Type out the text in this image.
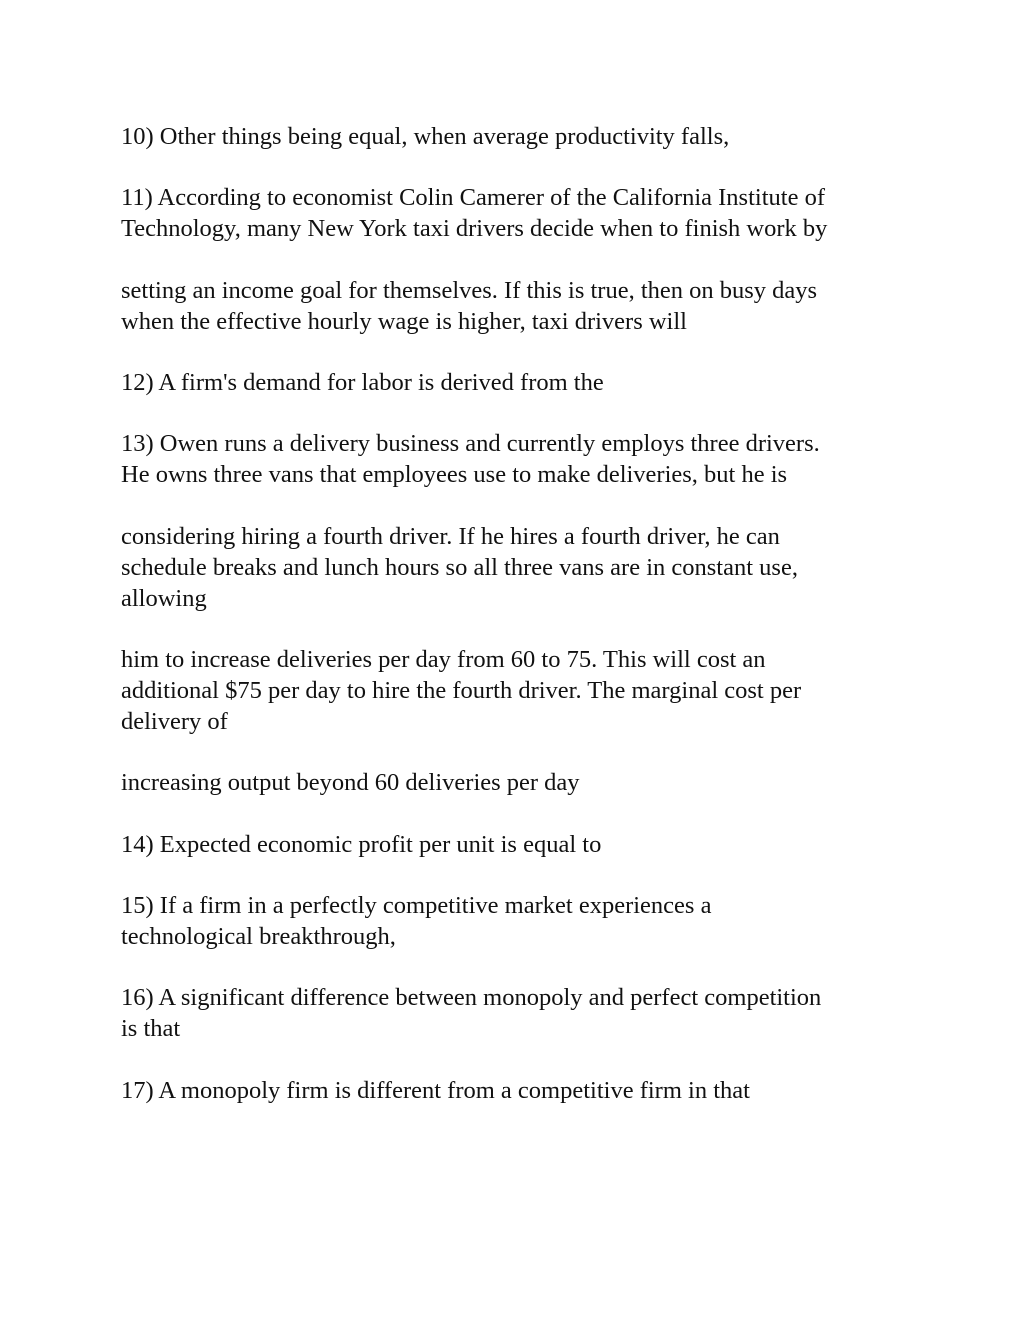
10) Other things being equal, when average productivity falls,

11) According to economist Colin Camerer of the California Institute of
Technology, many New York taxi drivers decide when to finish work by

setting an income goal for themselves. If this is true, then on busy days
when the effective hourly wage is higher, taxi drivers will

12) A firm's demand for labor is derived from the

13) Owen runs a delivery business and currently employs three drivers.
He owns three vans that employees use to make deliveries, but he is

considering hiring a fourth driver. If he hires a fourth driver, he can
schedule breaks and lunch hours so all three vans are in constant use,
allowing

him to increase deliveries per day from 60 to 75. This will cost an
additional $75 per day to hire the fourth driver. The marginal cost per
delivery of

increasing output beyond 60 deliveries per day

14) Expected economic profit per unit is equal to

15) If a firm in a perfectly competitive market experiences a
technological breakthrough,

16) A significant difference between monopoly and perfect competition
is that

17) A monopoly firm is different from a competitive firm in that
